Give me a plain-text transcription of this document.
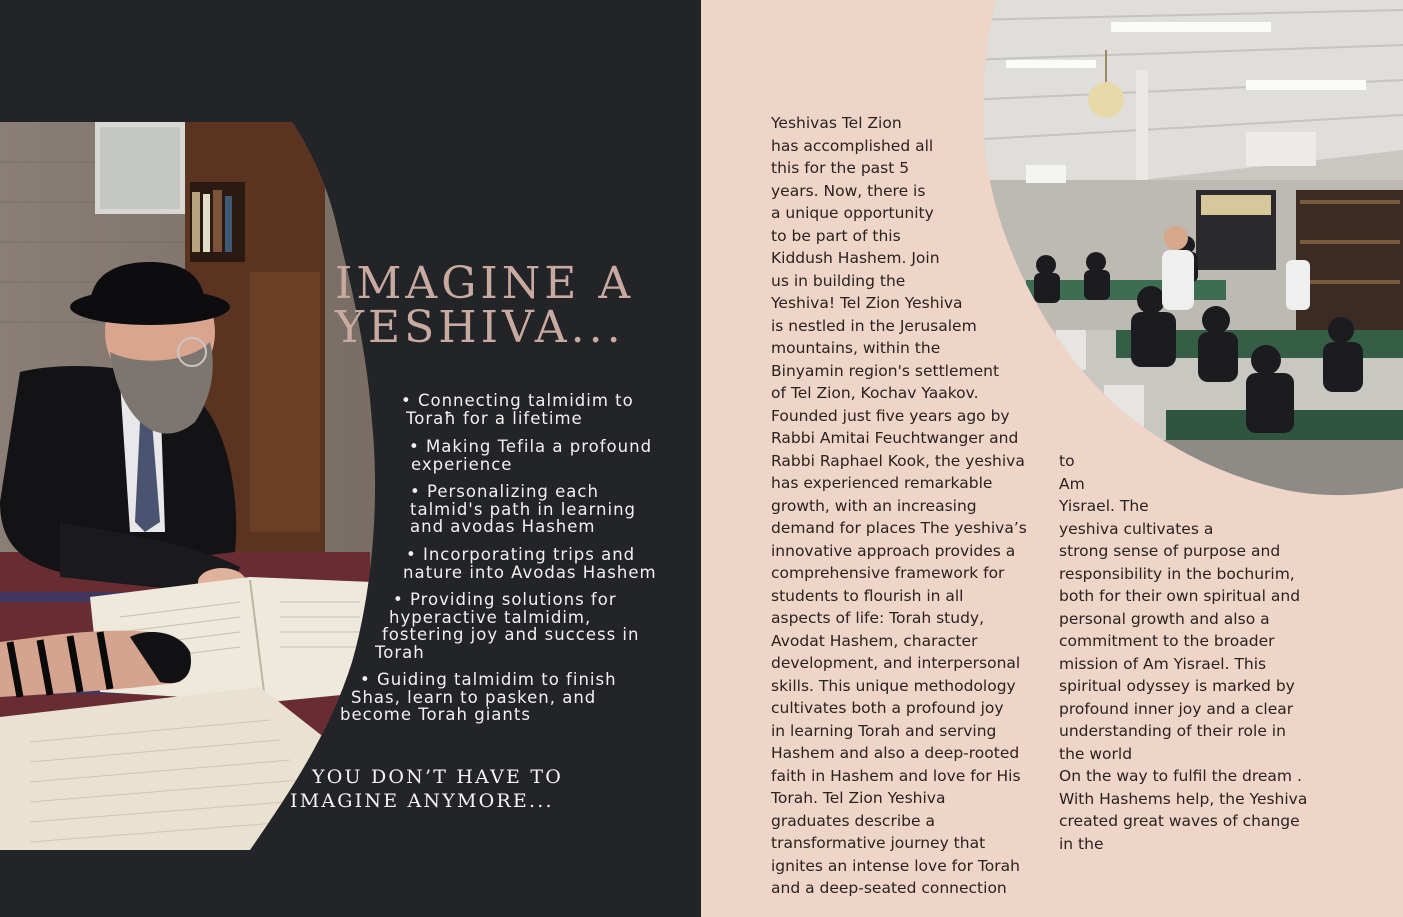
IMAGINE A
YESHIVA...
• Connecting talmidim to
Toraħ for a lifetime
• Making Tefila a profound
experience
• Personalizing each
talmid's path in learning
and avodas Hashem
• Incorporating trips and
nature into Avodas Hashem
• Providing solutions for
hyperactive talmidim,
fostering joy and success in
Torah
• Guiding talmidim to finish
Shas, learn to pasken, and
become Torah giants
YOU DON’T HAVE TO
IMAGINE ANYMORE...
Yeshivas Tel Zion
has accomplished all
this for the past 5
years. Now, there is
a unique opportunity
to be part of this
Kiddush Hashem. Join
us in building the
Yeshiva! Tel Zion Yeshiva
is nestled in the Jerusalem
mountains, within the
Binyamin region's settlement
of Tel Zion, Kochav Yaakov.
Founded just five years ago by
Rabbi Amitai Feuchtwanger and
Rabbi Raphael Kook, the yeshiva
has experienced remarkable
growth, with an increasing
demand for places The yeshiva’s
innovative approach provides a
comprehensive framework for
students to flourish in all
aspects of life: Torah study,
Avodat Hashem, character
development, and interpersonal
skills. This unique methodology
cultivates both a profound joy
in learning Torah and serving
Hashem and also a deep-rooted
faith in Hashem and love for His
Torah. Tel Zion Yeshiva
graduates describe a
transformative journey that
ignites an intense love for Torah
and a deep-seated connection
to
Am
Yisrael. The
yeshiva cultivates a
strong sense of purpose and
responsibility in the bochurim,
both for their own spiritual and
personal growth and also a
commitment to the broader
mission of Am Yisrael. This
spiritual odyssey is marked by
profound inner joy and a clear
understanding of their role in
the world
On the way to fulfil the dream .
With Hashems help, the Yeshiva
created great waves of change
in the
